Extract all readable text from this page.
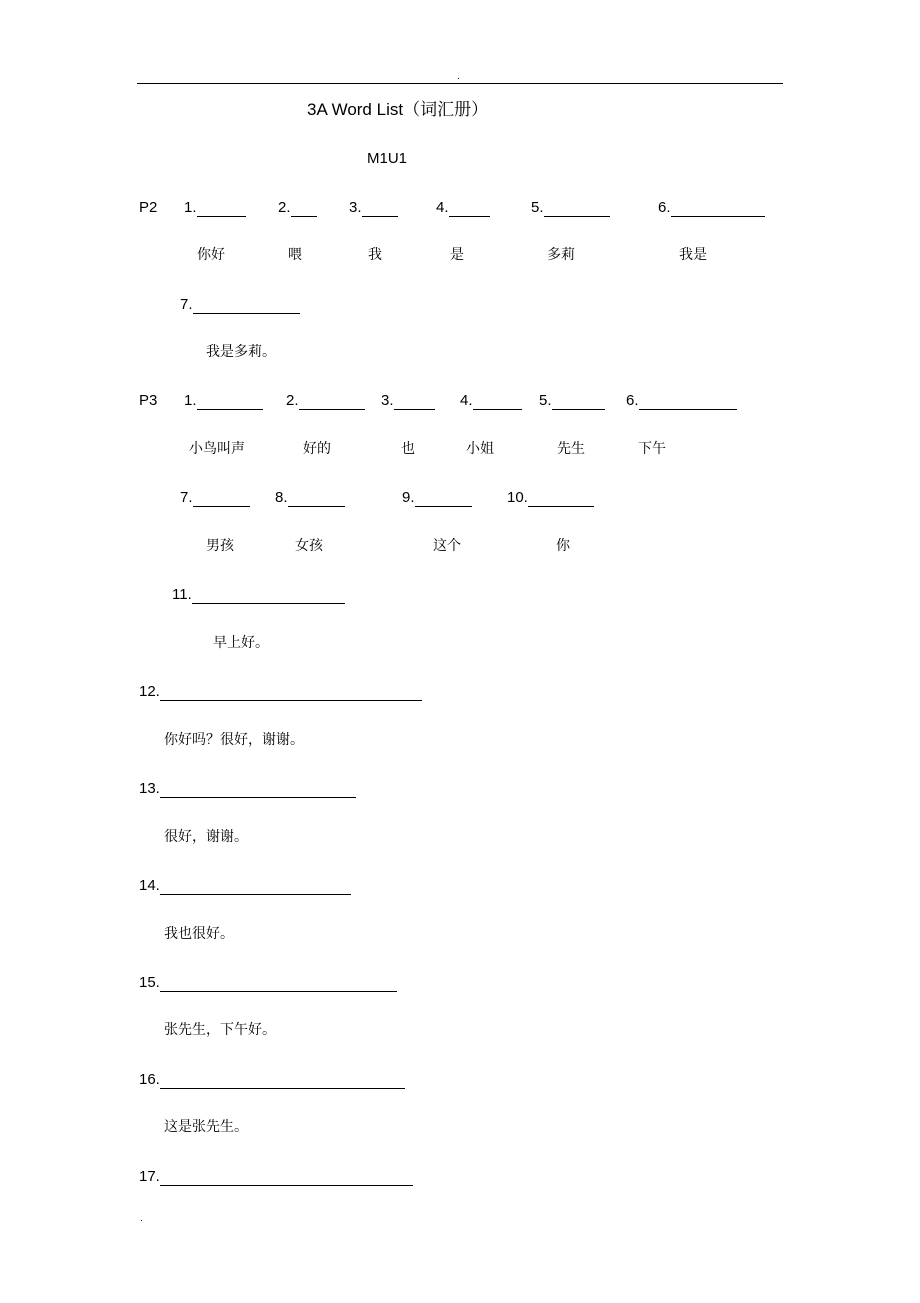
.
3A Word List（词汇册）
M1U1
P2 1.	2.	3.	4.	5.	6.
你好	喂	我	是	多莉	我是
7.
我是多莉。
P3 1.	2.	3.	4.	5.	6.
小鸟叫声	好的	也	小姐	先生	下午
7.	8.	9.	10.
男孩	女孩	这个	你
11.
早上好。
12.
你好吗？很好，谢谢。
13.
很好，谢谢。
14.
我也很好。
15.
张先生，下午好。
16.
这是张先生。
17.
.
